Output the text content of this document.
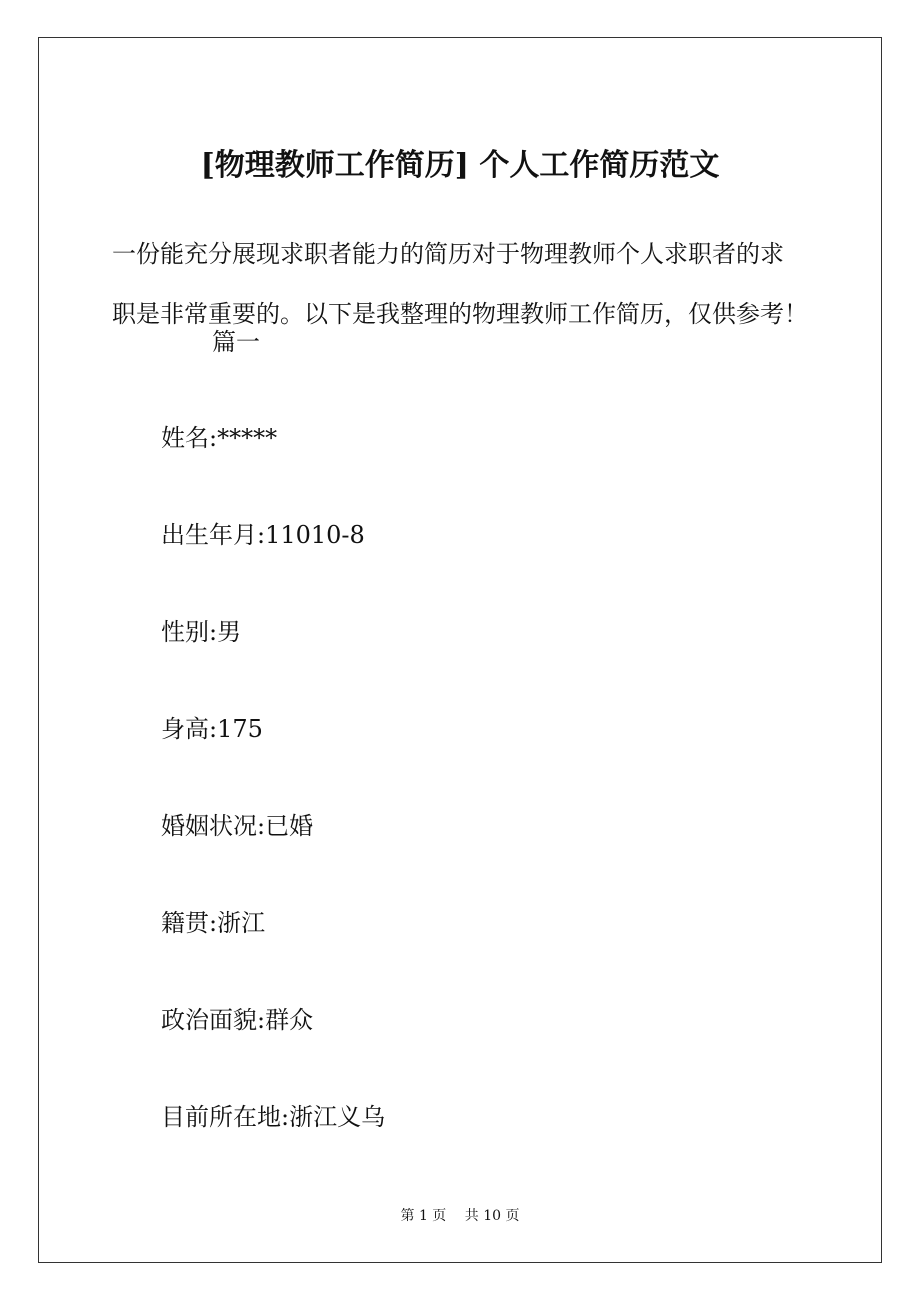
[物理教师工作简历] 个人工作简历范文
一份能充分展现求职者能力的简历对于物理教师个人求职者的求
职是非常重要的。以下是我整理的物理教师工作简历，仅供参考！
篇一
姓名:*****
出生年月:11010-8
性别:男
身高:175
婚姻状况:已婚
籍贯:浙江
政治面貌:群众
目前所在地:浙江义乌
第 1 页 共 10 页
